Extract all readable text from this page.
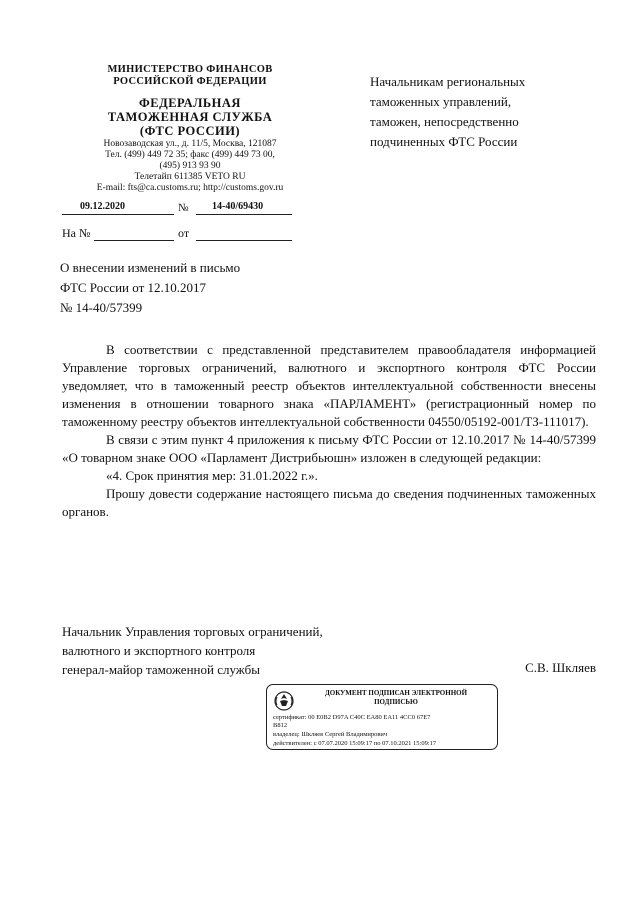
МИНИСТЕРСТВО ФИНАНСОВ
РОССИЙСКОЙ ФЕДЕРАЦИИ
ФЕДЕРАЛЬНАЯ
ТАМОЖЕННАЯ СЛУЖБА
(ФТС РОССИИ)
Новозаводская ул., д. 11/5, Москва, 121087
Тел. (499) 449 72 35; факс (499) 449 73 00,
(495) 913 93 90
Телетайп 611385 VETO RU
E-mail: fts@ca.customs.ru; http://customs.gov.ru
09.12.2020	№ 14-40/69430
На №	от
Начальникам региональных
таможенных управлений,
таможен, непосредственно
подчиненных ФТС России
О внесении изменений в письмо
ФТС России от 12.10.2017
№ 14-40/57399

В соответствии с представленной представителем правообладателя информацией Управление торговых ограничений, валютного и экспортного контроля ФТС России уведомляет, что в таможенный реестр объектов интеллектуальной собственности внесены изменения в отношении товарного знака «ПАРЛАМЕНТ» (регистрационный номер по таможенному реестру объектов интеллектуальной собственности 04550/05192-001/ТЗ-111017).

В связи с этим пункт 4 приложения к письму ФТС России от 12.10.2017 № 14-40/57399 «О товарном знаке ООО «Парламент Дистрибьюшн» изложен в следующей редакции:

«4. Срок принятия мер: 31.01.2022 г.».

Прошу довести содержание настоящего письма до сведения подчиненных таможенных органов.

Начальник Управления торговых ограничений,
валютного и экспортного контроля
генерал-майор таможенной службы	С.В. Шкляев
ДОКУМЕНТ ПОДПИСАН ЭЛЕКТРОННОЙ
ПОДПИСЬЮ
сертификат: 00 E0B2 D97A C40C EA80 EA11 4CC0 67E7
B812
владелец: Шкляев Сергей Владимирович
действителен: с 07.07.2020 15:09:17 по 07.10.2021 15:09:17
